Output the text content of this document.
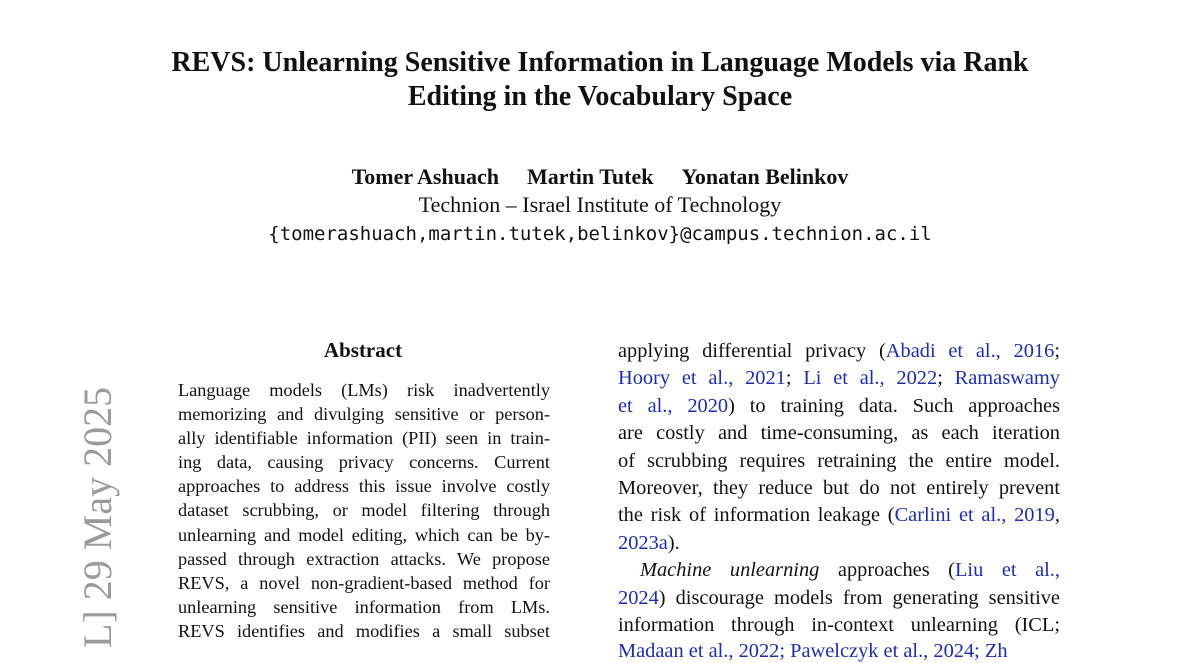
REVS: Unlearning Sensitive Information in Language Models via Rank
Editing in the Vocabulary Space
Tomer Ashuach Martin Tutek Yonatan Belinkov
Technion – Israel Institute of Technology
{tomerashuach,martin.tutek,belinkov}@campus.technion.ac.il
L] 29 May 2025
Abstract
Language models (LMs) risk inadvertently
memorizing and divulging sensitive or person-
ally identifiable information (PII) seen in train-
ing data, causing privacy concerns. Current
approaches to address this issue involve costly
dataset scrubbing, or model filtering through
unlearning and model editing, which can be by-
passed through extraction attacks. We propose
REVS, a novel non-gradient-based method for
unlearning sensitive information from LMs.
REVS identifies and modifies a small subset
applying differential privacy (Abadi et al., 2016;
Hoory et al., 2021; Li et al., 2022; Ramaswamy
et al., 2020) to training data. Such approaches
are costly and time-consuming, as each iteration
of scrubbing requires retraining the entire model.
Moreover, they reduce but do not entirely prevent
the risk of information leakage (Carlini et al., 2019,
2023a).
Machine unlearning approaches (Liu et al.,
2024) discourage models from generating sensitive
information through in-context unlearning (ICL;
Madaan et al., 2022; Pawelczyk et al., 2024; Zh
